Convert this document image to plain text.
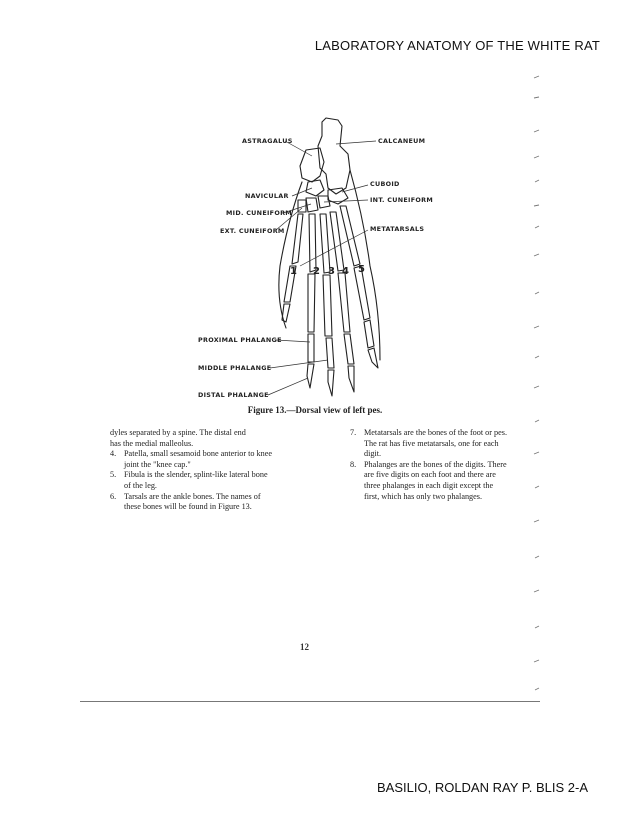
LABORATORY ANATOMY OF THE WHITE RAT
ASTRAGALUS	CALCANEUM
CUBOID
NAVICULAR	INT. CUNEIFORM
MID. CUNEIFORM
EXT. CUNEIFORM	METATARSALS
PROXIMAL PHALANGE
MIDDLE PHALANGE
DISTAL PHALANGE
1 2 3 4 5
Figure 13.—Dorsal view of left pes.
dyles separated by a spine. The distal end
has the medial malleolus.
4. Patella, small sesamoid bone anterior to knee
joint the "knee cap."
5. Fibula is the slender, splint-like lateral bone
of the leg.
6. Tarsals are the ankle bones. The names of
these bones will be found in Figure 13.
7. Metatarsals are the bones of the foot or pes.
The rat has five metatarsals, one for each
digit.
8. Phalanges are the bones of the digits. There
are five digits on each foot and there are
three phalanges in each digit except the
first, which has only two phalanges.
12
BASILIO, ROLDAN RAY P. BLIS 2-A
